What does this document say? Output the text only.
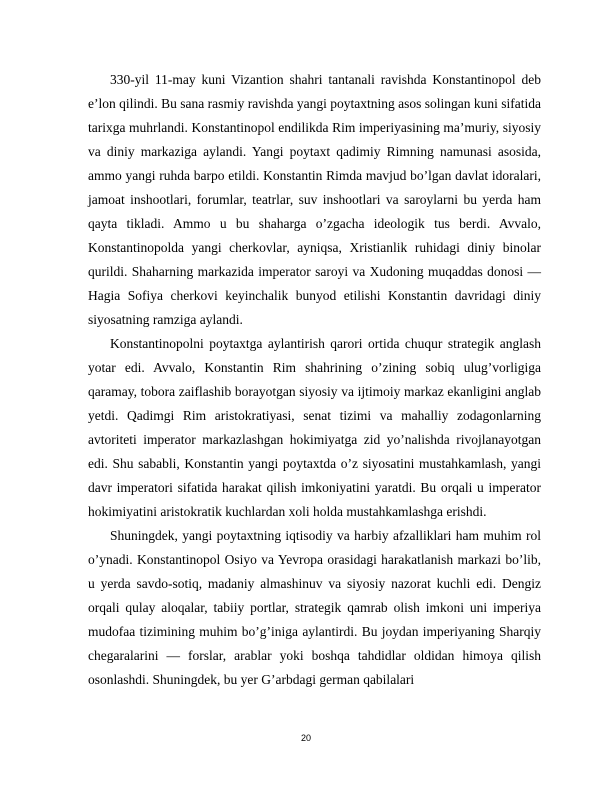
330-yil 11-may kuni Vizantion shahri tantanali ravishda Konstantinopol deb e’lon qilindi. Bu sana rasmiy ravishda yangi poytaxtning asos solingan kuni sifatida tarixga muhrlandi. Konstantinopol endilikda Rim imperiyasining ma’muriy, siyosiy va diniy markaziga aylandi. Yangi poytaxt qadimiy Rimning namunasi asosida, ammo yangi ruhda barpo etildi. Konstantin Rimda mavjud bo’lgan davlat idoralari, jamoat inshootlari, forumlar, teatrlar, suv inshootlari va saroylarni bu yerda ham qayta tikladi. Ammo u bu shaharga o’zgacha ideologik tus berdi. Avvalo, Konstantinopolda yangi cherkovlar, ayniqsa, Xristianlik ruhidagi diniy binolar qurildi. Shaharning markazida imperator saroyi va Xudoning muqaddas donosi — Hagia Sofiya cherkovi keyinchalik bunyod etilishi Konstantin davridagi diniy siyosatning ramziga aylandi.

Konstantinopolni poytaxtga aylantirish qarori ortida chuqur strategik anglash yotar edi. Avvalo, Konstantin Rim shahrining o’zining sobiq ulug’vorligiga qaramay, tobora zaiflashib borayotgan siyosiy va ijtimoiy markaz ekanligini anglab yetdi. Qadimgi Rim aristokratiyasi, senat tizimi va mahalliy zodagonlarning avtoriteti imperator markazlashgan hokimiyatga zid yo’nalishda rivojlanayotgan edi. Shu sababli, Konstantin yangi poytaxtda o’z siyosatini mustahkamlash, yangi davr imperatori sifatida harakat qilish imkoniyatini yaratdi. Bu orqali u imperator hokimiyatini aristokratik kuchlardan xoli holda mustahkamlashga erishdi.

Shuningdek, yangi poytaxtning iqtisodiy va harbiy afzalliklari ham muhim rol o’ynadi. Konstantinopol Osiyo va Yevropa orasidagi harakatlanish markazi bo’lib, u yerda savdo-sotiq, madaniy almashinuv va siyosiy nazorat kuchli edi. Dengiz orqali qulay aloqalar, tabiiy portlar, strategik qamrab olish imkoni uni imperiya mudofaa tizimining muhim bo’g’iniga aylantirdi. Bu joydan imperiyaning Sharqiy chegaralarini — forslar, arablar yoki boshqa tahdidlar oldidan himoya qilish osonlashdi. Shuningdek, bu yer G’arbdagi german qabilalari

20
